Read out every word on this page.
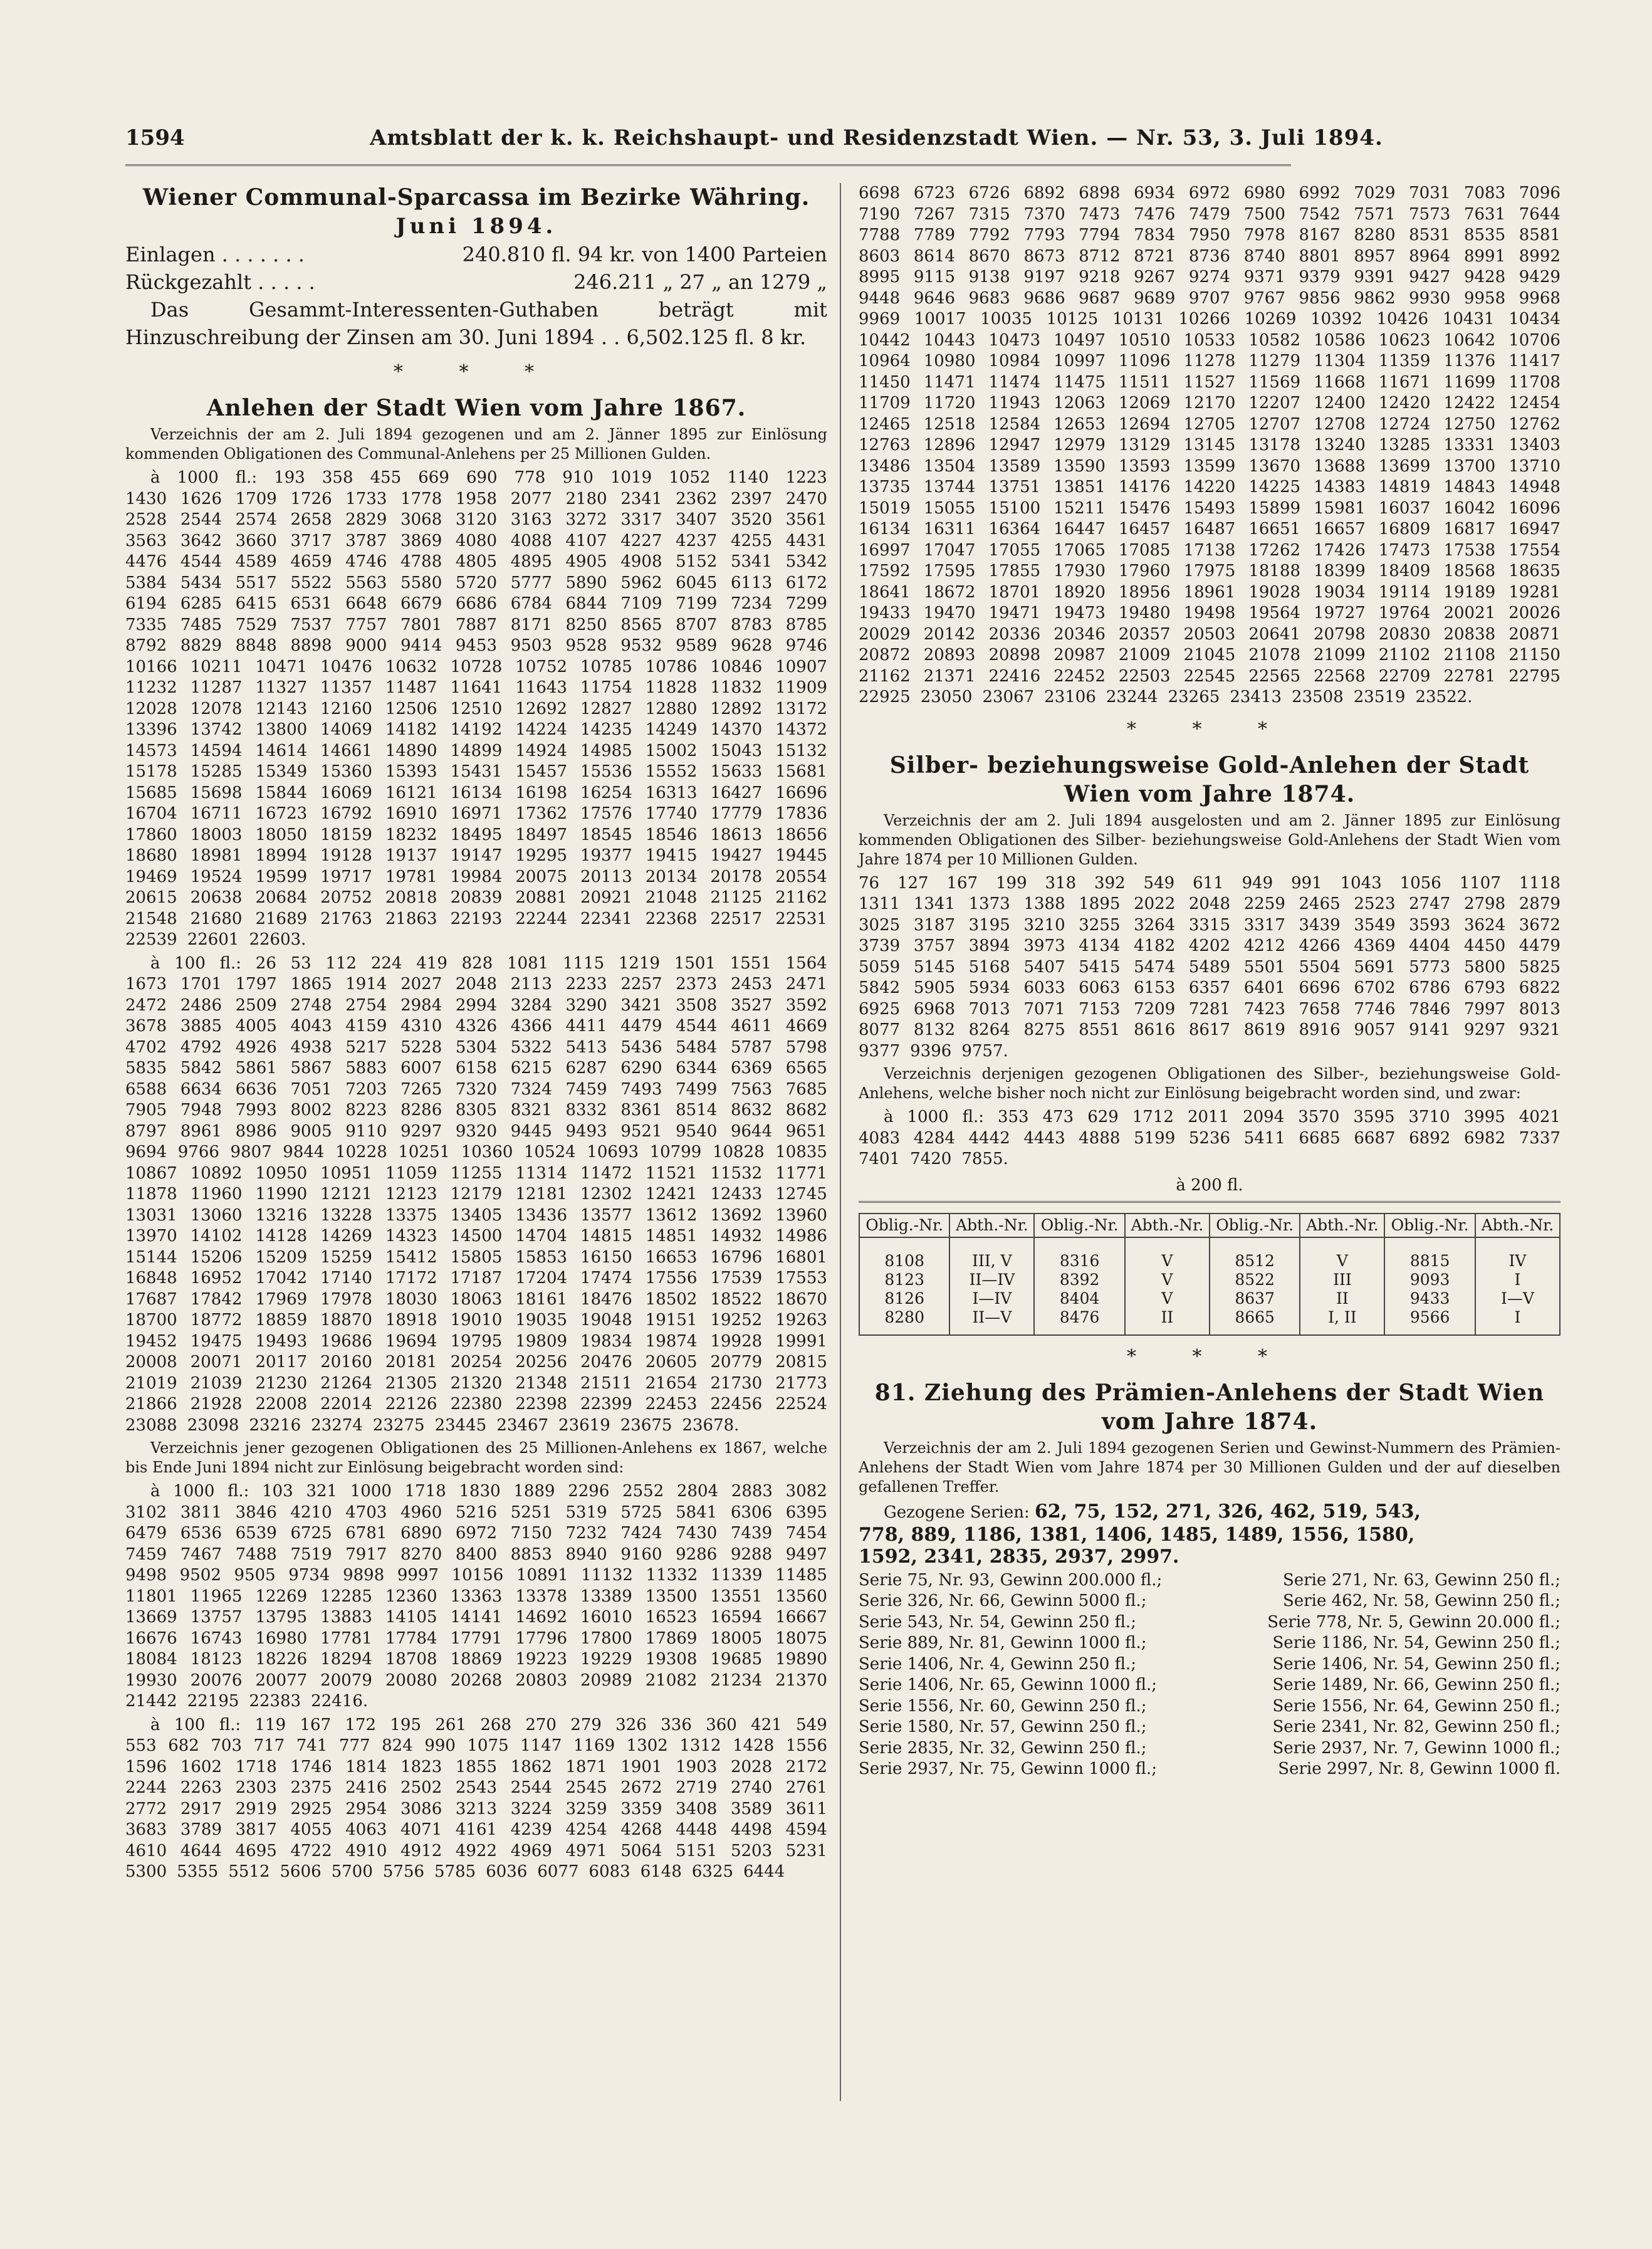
1594	Amtsblatt der k. k. Reichshaupt- und Residenzstadt Wien. — Nr. 53, 3. Juli 1894.
Wiener Communal-Sparcassa im Bezirke Währing.
Juni 1894.
Einlagen . . . . . . .	240.810 fl. 94 kr. von 1400 Parteien
Rückgezahlt . . . . .	246.211 „ 27 „ an 1279 „
Das Gesammt-Interessenten-Guthaben beträgt mit Hinzuschreibung der Zinsen am 30. Juni 1894 . . 6,502.125 fl. 8 kr.
* * *
Anlehen der Stadt Wien vom Jahre 1867.
Verzeichnis der am 2. Juli 1894 gezogenen und am 2. Jänner 1895 zur Einlösung kommenden Obligationen des Communal-Anlehens per 25 Millionen Gulden.
à 1000 fl.: 193 358 455 669 690 778 910 1019 1052 1140 1223
1430 1626 1709 1726 1733 1778 1958 2077 2180 2341 2362 2397 2470
2528 2544 2574 2658 2829 3068 3120 3163 3272 3317 3407 3520 3561
3563 3642 3660 3717 3787 3869 4080 4088 4107 4227 4237 4255 4431
4476 4544 4589 4659 4746 4788 4805 4895 4905 4908 5152 5341 5342
5384 5434 5517 5522 5563 5580 5720 5777 5890 5962 6045 6113 6172
6194 6285 6415 6531 6648 6679 6686 6784 6844 7109 7199 7234 7299
7335 7485 7529 7537 7757 7801 7887 8171 8250 8565 8707 8783 8785
8792 8829 8848 8898 9000 9414 9453 9503 9528 9532 9589 9628 9746
10166 10211 10471 10476 10632 10728 10752 10785 10786 10846 10907
11232 11287 11327 11357 11487 11641 11643 11754 11828 11832 11909
12028 12078 12143 12160 12506 12510 12692 12827 12880 12892 13172
13396 13742 13800 14069 14182 14192 14224 14235 14249 14370 14372
14573 14594 14614 14661 14890 14899 14924 14985 15002 15043 15132
15178 15285 15349 15360 15393 15431 15457 15536 15552 15633 15681
15685 15698 15844 16069 16121 16134 16198 16254 16313 16427 16696
16704 16711 16723 16792 16910 16971 17362 17576 17740 17779 17836
17860 18003 18050 18159 18232 18495 18497 18545 18546 18613 18656
18680 18981 18994 19128 19137 19147 19295 19377 19415 19427 19445
19469 19524 19599 19717 19781 19984 20075 20113 20134 20178 20554
20615 20638 20684 20752 20818 20839 20881 20921 21048 21125 21162
21548 21680 21689 21763 21863 22193 22244 22341 22368 22517 22531
22539 22601 22603.
à 100 fl.: 26 53 112 224 419 828 1081 1115 1219 1501 1551 1564
1673 1701 1797 1865 1914 2027 2048 2113 2233 2257 2373 2453 2471
2472 2486 2509 2748 2754 2984 2994 3284 3290 3421 3508 3527 3592
3678 3885 4005 4043 4159 4310 4326 4366 4411 4479 4544 4611 4669
4702 4792 4926 4938 5217 5228 5304 5322 5413 5436 5484 5787 5798
5835 5842 5861 5867 5883 6007 6158 6215 6287 6290 6344 6369 6565
6588 6634 6636 7051 7203 7265 7320 7324 7459 7493 7499 7563 7685
7905 7948 7993 8002 8223 8286 8305 8321 8332 8361 8514 8632 8682
8797 8961 8986 9005 9110 9297 9320 9445 9493 9521 9540 9644 9651
9694 9766 9807 9844 10228 10251 10360 10524 10693 10799 10828 10835
10867 10892 10950 10951 11059 11255 11314 11472 11521 11532 11771
11878 11960 11990 12121 12123 12179 12181 12302 12421 12433 12745
13031 13060 13216 13228 13375 13405 13436 13577 13612 13692 13960
13970 14102 14128 14269 14323 14500 14704 14815 14851 14932 14986
15144 15206 15209 15259 15412 15805 15853 16150 16653 16796 16801
16848 16952 17042 17140 17172 17187 17204 17474 17556 17539 17553
17687 17842 17969 17978 18030 18063 18161 18476 18502 18522 18670
18700 18772 18859 18870 18918 19010 19035 19048 19151 19252 19263
19452 19475 19493 19686 19694 19795 19809 19834 19874 19928 19991
20008 20071 20117 20160 20181 20254 20256 20476 20605 20779 20815
21019 21039 21230 21264 21305 21320 21348 21511 21654 21730 21773
21866 21928 22008 22014 22126 22380 22398 22399 22453 22456 22524
23088 23098 23216 23274 23275 23445 23467 23619 23675 23678.
Verzeichnis jener gezogenen Obligationen des 25 Millionen-Anlehens ex 1867, welche bis Ende Juni 1894 nicht zur Einlösung beigebracht worden sind:
à 1000 fl.: 103 321 1000 1718 1830 1889 2296 2552 2804 2883 3082
3102 3811 3846 4210 4703 4960 5216 5251 5319 5725 5841 6306 6395
6479 6536 6539 6725 6781 6890 6972 7150 7232 7424 7430 7439 7454
7459 7467 7488 7519 7917 8270 8400 8853 8940 9160 9286 9288 9497
9498 9502 9505 9734 9898 9997 10156 10891 11132 11332 11339 11485
11801 11965 12269 12285 12360 13363 13378 13389 13500 13551 13560
13669 13757 13795 13883 14105 14141 14692 16010 16523 16594 16667
16676 16743 16980 17781 17784 17791 17796 17800 17869 18005 18075
18084 18123 18226 18294 18708 18869 19223 19229 19308 19685 19890
19930 20076 20077 20079 20080 20268 20803 20989 21082 21234 21370
21442 22195 22383 22416.
à 100 fl.: 119 167 172 195 261 268 270 279 326 336 360 421 549
553 682 703 717 741 777 824 990 1075 1147 1169 1302 1312 1428 1556
1596 1602 1718 1746 1814 1823 1855 1862 1871 1901 1903 2028 2172
2244 2263 2303 2375 2416 2502 2543 2544 2545 2672 2719 2740 2761
2772 2917 2919 2925 2954 3086 3213 3224 3259 3359 3408 3589 3611
3683 3789 3817 4055 4063 4071 4161 4239 4254 4268 4448 4498 4594
4610 4644 4695 4722 4910 4912 4922 4969 4971 5064 5151 5203 5231
5300 5355 5512 5606 5700 5756 5785 6036 6077 6083 6148 6325 6444
6698 6723 6726 6892 6898 6934 6972 6980 6992 7029 7031 7083 7096
7190 7267 7315 7370 7473 7476 7479 7500 7542 7571 7573 7631 7644
7788 7789 7792 7793 7794 7834 7950 7978 8167 8280 8531 8535 8581
8603 8614 8670 8673 8712 8721 8736 8740 8801 8957 8964 8991 8992
8995 9115 9138 9197 9218 9267 9274 9371 9379 9391 9427 9428 9429
9448 9646 9683 9686 9687 9689 9707 9767 9856 9862 9930 9958 9968
9969 10017 10035 10125 10131 10266 10269 10392 10426 10431 10434
10442 10443 10473 10497 10510 10533 10582 10586 10623 10642 10706
10964 10980 10984 10997 11096 11278 11279 11304 11359 11376 11417
11450 11471 11474 11475 11511 11527 11569 11668 11671 11699 11708
11709 11720 11943 12063 12069 12170 12207 12400 12420 12422 12454
12465 12518 12584 12653 12694 12705 12707 12708 12724 12750 12762
12763 12896 12947 12979 13129 13145 13178 13240 13285 13331 13403
13486 13504 13589 13590 13593 13599 13670 13688 13699 13700 13710
13735 13744 13751 13851 14176 14220 14225 14383 14819 14843 14948
15019 15055 15100 15211 15476 15493 15899 15981 16037 16042 16096
16134 16311 16364 16447 16457 16487 16651 16657 16809 16817 16947
16997 17047 17055 17065 17085 17138 17262 17426 17473 17538 17554
17592 17595 17855 17930 17960 17975 18188 18399 18409 18568 18635
18641 18672 18701 18920 18956 18961 19028 19034 19114 19189 19281
19433 19470 19471 19473 19480 19498 19564 19727 19764 20021 20026
20029 20142 20336 20346 20357 20503 20641 20798 20830 20838 20871
20872 20893 20898 20987 21009 21045 21078 21099 21102 21108 21150
21162 21371 22416 22452 22503 22545 22565 22568 22709 22781 22795
22925 23050 23067 23106 23244 23265 23413 23508 23519 23522.
* * *
Silber- beziehungsweise Gold-Anlehen der Stadt Wien vom Jahre 1874.
Verzeichnis der am 2. Juli 1894 ausgelosten und am 2. Jänner 1895 zur Einlösung kommenden Obligationen des Silber- beziehungsweise Gold-Anlehens der Stadt Wien vom Jahre 1874 per 10 Millionen Gulden.
76 127 167 199 318 392 549 611 949 991 1043 1056 1107 1118
1311 1341 1373 1388 1895 2022 2048 2259 2465 2523 2747 2798 2879
3025 3187 3195 3210 3255 3264 3315 3317 3439 3549 3593 3624 3672
3739 3757 3894 3973 4134 4182 4202 4212 4266 4369 4404 4450 4479
5059 5145 5168 5407 5415 5474 5489 5501 5504 5691 5773 5800 5825
5842 5905 5934 6033 6063 6153 6357 6401 6696 6702 6786 6793 6822
6925 6968 7013 7071 7153 7209 7281 7423 7658 7746 7846 7997 8013
8077 8132 8264 8275 8551 8616 8617 8619 8916 9057 9141 9297 9321
9377 9396 9757.
Verzeichnis derjenigen gezogenen Obligationen des Silber-, beziehungsweise Gold-Anlehens, welche bisher noch nicht zur Einlösung beigebracht worden sind, und zwar:
à 1000 fl.: 353 473 629 1712 2011 2094 3570 3595 3710 3995 4021
4083 4284 4442 4443 4888 5199 5236 5411 6685 6687 6892 6982 7337
7401 7420 7855.
à 200 fl.
Oblig.-Nr.	Abth.-Nr.	Oblig.-Nr.	Abth.-Nr.	Oblig.-Nr.	Abth.-Nr.	Oblig.-Nr.	Abth.-Nr.
8108	III, V	8316	V	8512	V	8815	IV
8123	II—IV	8392	V	8522	III	9093	I
8126	I—IV	8404	V	8637	II	9433	I—V
8280	II—V	8476	II	8665	I, II	9566	I
* * *
81. Ziehung des Prämien-Anlehens der Stadt Wien vom Jahre 1874.
Verzeichnis der am 2. Juli 1894 gezogenen Serien und Gewinst-Nummern des Prämien-Anlehens der Stadt Wien vom Jahre 1874 per 30 Millionen Gulden und der auf dieselben gefallenen Treffer.
Gezogene Serien: 62, 75, 152, 271, 326, 462, 519, 543,
778, 889, 1186, 1381, 1406, 1485, 1489, 1556, 1580,
1592, 2341, 2835, 2937, 2997.
Serie 75, Nr. 93, Gewinn 200.000 fl.;	Serie 271, Nr. 63, Gewinn 250 fl.;
Serie 326, Nr. 66, Gewinn 5000 fl.;	Serie 462, Nr. 58, Gewinn 250 fl.;
Serie 543, Nr. 54, Gewinn 250 fl.;	Serie 778, Nr. 5, Gewinn 20.000 fl.;
Serie 889, Nr. 81, Gewinn 1000 fl.;	Serie 1186, Nr. 54, Gewinn 250 fl.;
Serie 1406, Nr. 4, Gewinn 250 fl.;	Serie 1406, Nr. 54, Gewinn 250 fl.;
Serie 1406, Nr. 65, Gewinn 1000 fl.;	Serie 1489, Nr. 66, Gewinn 250 fl.;
Serie 1556, Nr. 60, Gewinn 250 fl.;	Serie 1556, Nr. 64, Gewinn 250 fl.;
Serie 1580, Nr. 57, Gewinn 250 fl.;	Serie 2341, Nr. 82, Gewinn 250 fl.;
Serie 2835, Nr. 32, Gewinn 250 fl.;	Serie 2937, Nr. 7, Gewinn 1000 fl.;
Serie 2937, Nr. 75, Gewinn 1000 fl.;	Serie 2997, Nr. 8, Gewinn 1000 fl.
